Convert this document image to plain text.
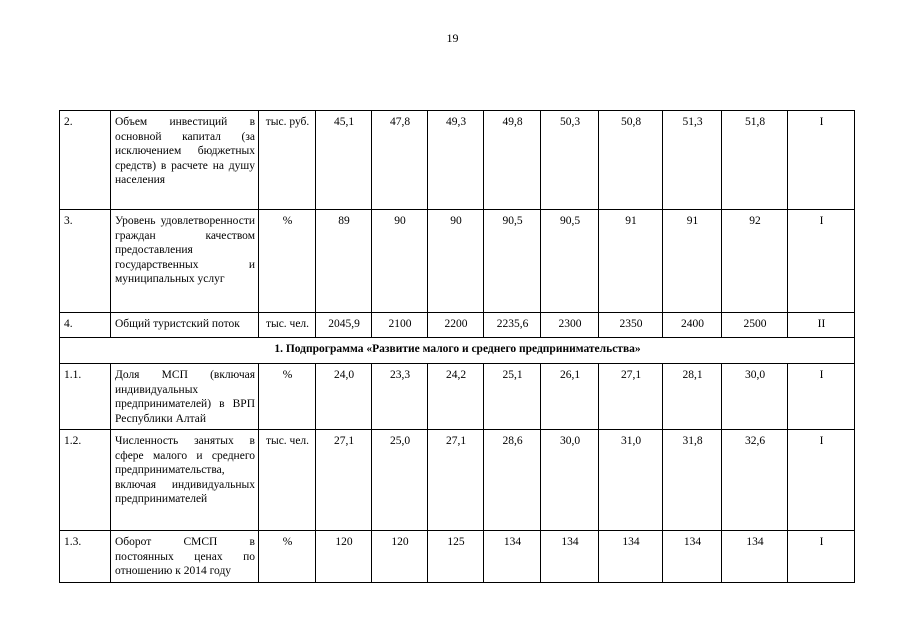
19
2.	Объем инвестиций в основной капитал (за исключением бюджетных средств) в расчете на душу населения	тыс. руб.	45,1	47,8	49,3	49,8	50,3	50,8	51,3	51,8	I
3.	Уровень удовлетворенности граждан качеством предоставления государственных и муниципальных услуг	%	89	90	90	90,5	90,5	91	91	92	I
4.	Общий туристский поток	тыс. чел.	2045,9	2100	2200	2235,6	2300	2350	2400	2500	II
1. Подпрограмма «Развитие малого и среднего предпринимательства»											
1.1.	Доля МСП (включая индивидуальных предпринимателей) в ВРП Республики Алтай	%	24,0	23,3	24,2	25,1	26,1	27,1	28,1	30,0	I
1.2.	Численность занятых в сфере малого и среднего предпринимательства, включая индивидуальных предпринимателей	тыс. чел.	27,1	25,0	27,1	28,6	30,0	31,0	31,8	32,6	I
1.3.	Оборот СМСП в постоянных ценах по отношению к 2014 году	%	120	120	125	134	134	134	134	134	I
